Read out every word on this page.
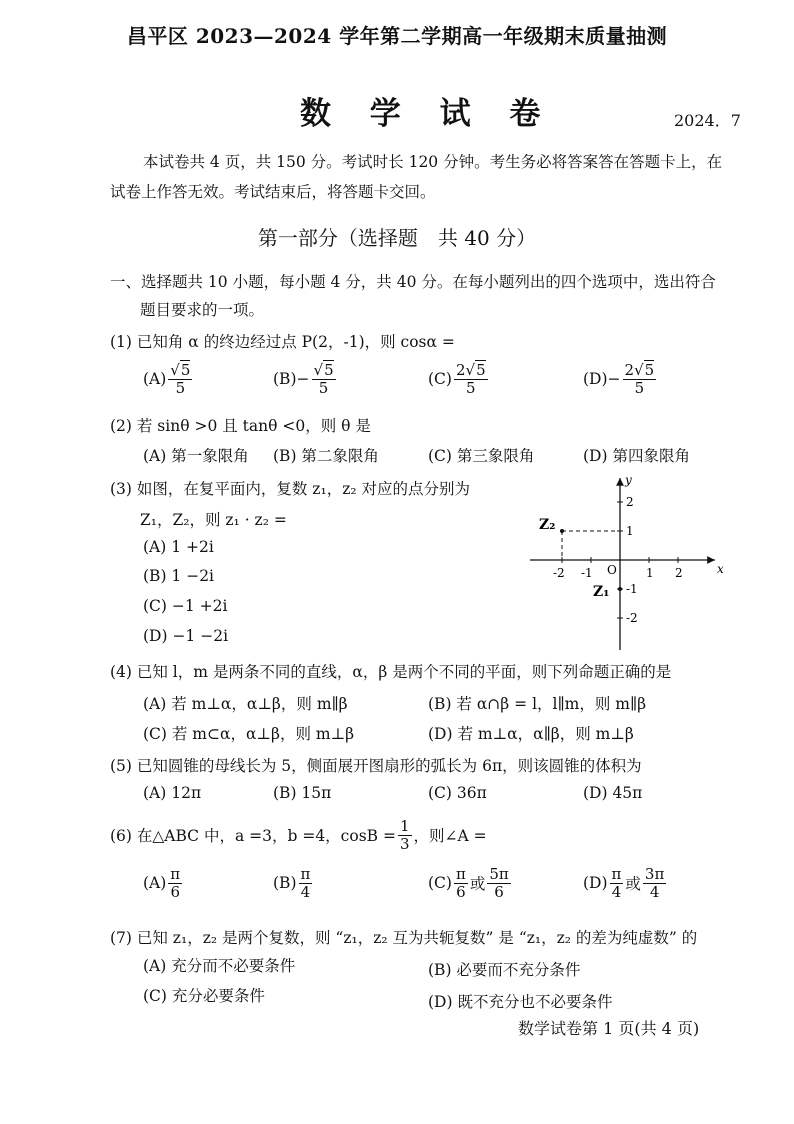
昌平区 2023—2024 学年第二学期高一年级期末质量抽测
数 学 试 卷	2024．7
本试卷共 4 页，共 150 分。考试时长 120 分钟。考生务必将答案答在答题卡上，在
试卷上作答无效。考试结束后，将答题卡交回。
第一部分（选择题　共 40 分）
一、选择题共 10 小题，每小题 4 分，共 40 分。在每小题列出的四个选项中，选出符合
题目要求的一项。
(1) 已知角 α 的终边经过点 P(2，-1)，则 cosα =
$(A) \frac{√5}{5}$	$(B) - \frac{√5}{5}$	$(C) \frac{2√5}{5}$	$(D) - \frac{2√5}{5}$
(2) 若 sinθ >0 且 tanθ <0，则 θ 是
(A) 第一象限角 (B) 第二象限角	(C) 第三象限角	(D) 第四象限角
(3) 如图，在复平面内，复数 z₁，z₂ 对应的点分别为
Z₁，Z₂，则 z₁ · z₂ =
(A) 1 +2i
(B) 1 −2i
(C) −1 +2i
(D) −1 −2i
y
x
O
-2 -1	1 2
2
1
-1
-2
Z₂
Z₁
(4) 已知 l，m 是两条不同的直线，α，β 是两个不同的平面，则下列命题正确的是
(A) 若 m⊥α，α⊥β，则 m∥β	(B) 若 α∩β = l，l∥m，则 m∥β
(C) 若 m⊂α，α⊥β，则 m⊥β	(D) 若 m⊥α，α∥β，则 m⊥β
(5) 已知圆锥的母线长为 5，侧面展开图扇形的弧长为 6π，则该圆锥的体积为
(A) 12π	(B) 15π	(C) 36π	(D) 45π
(6) 在△ABC 中，a =3，b =4，$\cos B = \frac{1}{3}$ ，则∠A =
$(A) \frac{\pi}{6}$	$(B) \frac{\pi}{4}$	$(C) \frac{\pi}{6}$ 或 $\frac{5\pi}{6}$	$(D) \frac{\pi}{4}$ 或 $\frac{3\pi}{4}$
(7) 已知 z₁，z₂ 是两个复数，则 “z₁，z₂ 互为共轭复数” 是 “z₁，z₂ 的差为纯虚数” 的
(A) 充分而不必要条件	(B) 必要而不充分条件
(C) 充分必要条件	(D) 既不充分也不必要条件
数学试卷第 1 页(共 4 页)
